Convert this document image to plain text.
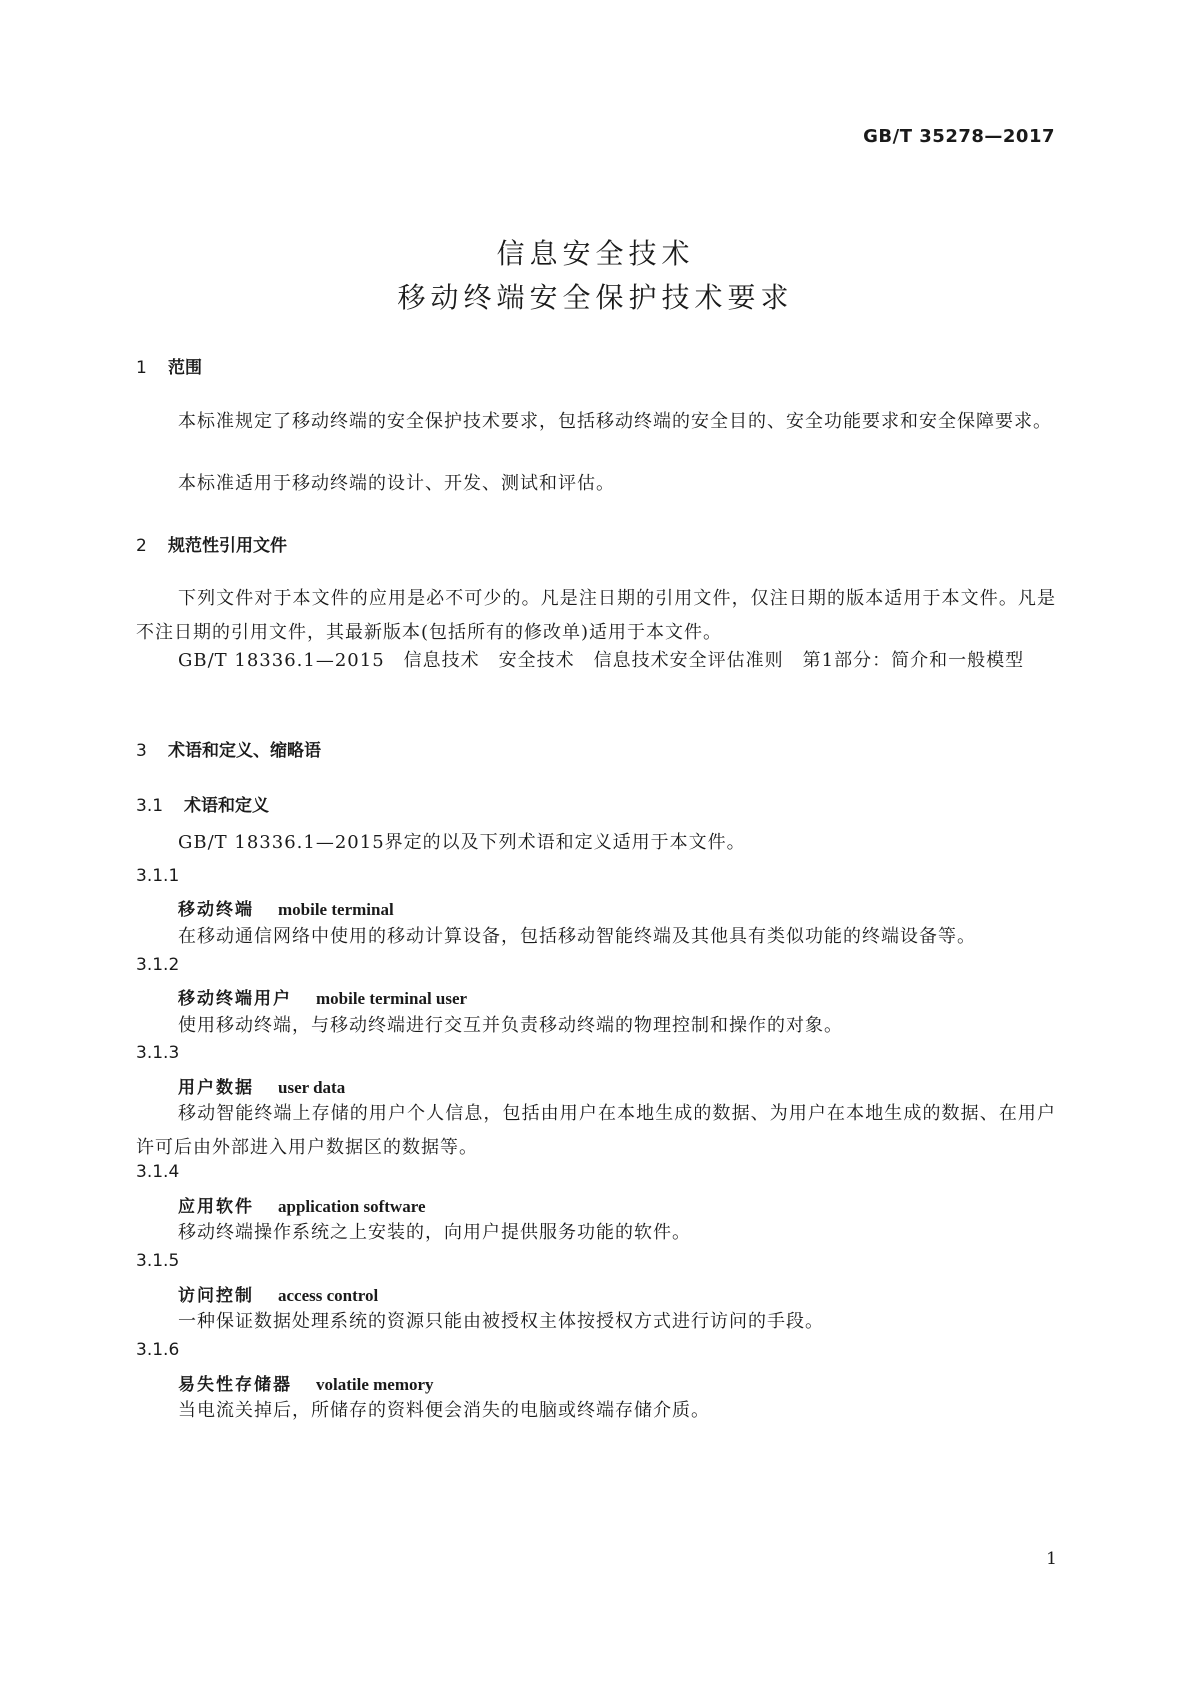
GB/T 35278—2017
信息安全技术
移动终端安全保护技术要求
1 范围
本标准规定了移动终端的安全保护技术要求，包括移动终端的安全目的、安全功能要求和安全保障要求。
本标准适用于移动终端的设计、开发、测试和评估。
2 规范性引用文件
下列文件对于本文件的应用是必不可少的。凡是注日期的引用文件，仅注日期的版本适用于本文件。凡是不注日期的引用文件，其最新版本(包括所有的修改单)适用于本文件。
GB/T 18336.1—2015　信息技术　安全技术　信息技术安全评估准则　第1部分：简介和一般模型
3 术语和定义、缩略语
3.1 术语和定义
GB/T 18336.1—2015界定的以及下列术语和定义适用于本文件。
3.1.1
移动终端 mobile terminal
在移动通信网络中使用的移动计算设备，包括移动智能终端及其他具有类似功能的终端设备等。
3.1.2
移动终端用户 mobile terminal user
使用移动终端，与移动终端进行交互并负责移动终端的物理控制和操作的对象。
3.1.3
用户数据 user data
移动智能终端上存储的用户个人信息，包括由用户在本地生成的数据、为用户在本地生成的数据、在用户许可后由外部进入用户数据区的数据等。
3.1.4
应用软件 application software
移动终端操作系统之上安装的，向用户提供服务功能的软件。
3.1.5
访问控制 access control
一种保证数据处理系统的资源只能由被授权主体按授权方式进行访问的手段。
3.1.6
易失性存储器 volatile memory
当电流关掉后，所储存的资料便会消失的电脑或终端存储介质。
1
